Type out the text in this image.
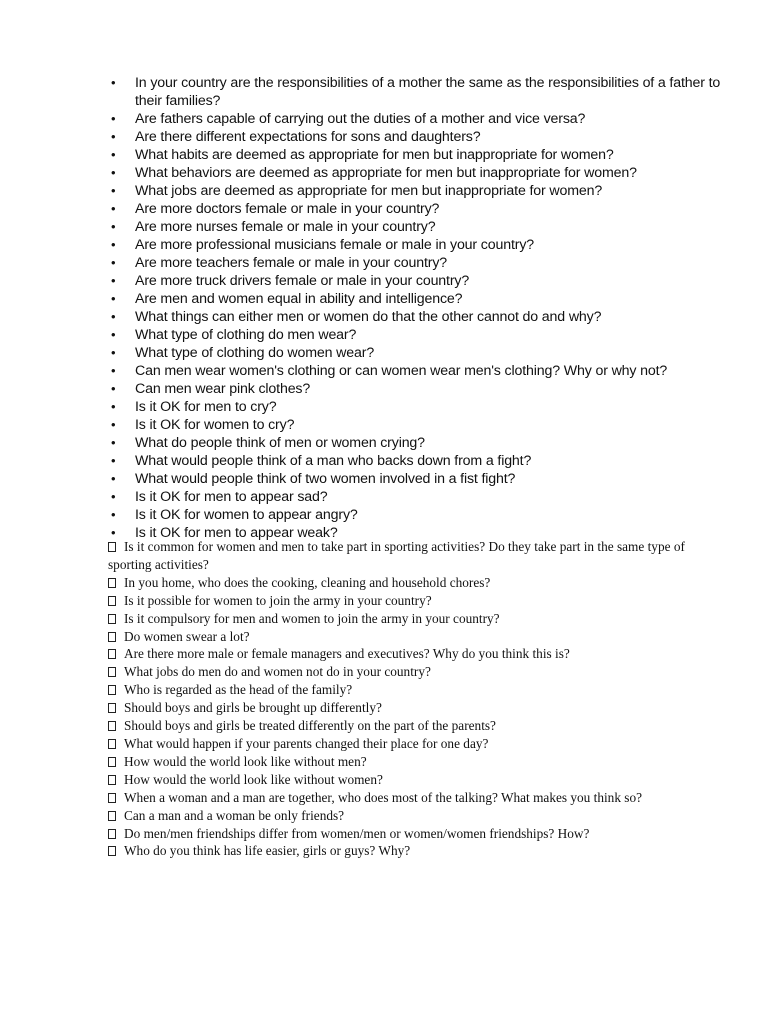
• In your country are the responsibilities of a mother the same as the responsibilities of a father to their families?
• Are fathers capable of carrying out the duties of a mother and vice versa?
• Are there different expectations for sons and daughters?
• What habits are deemed as appropriate for men but inappropriate for women?
• What behaviors are deemed as appropriate for men but inappropriate for women?
• What jobs are deemed as appropriate for men but inappropriate for women?
• Are more doctors female or male in your country?
• Are more nurses female or male in your country?
• Are more professional musicians female or male in your country?
• Are more teachers female or male in your country?
• Are more truck drivers female or male in your country?
• Are men and women equal in ability and intelligence?
• What things can either men or women do that the other cannot do and why?
• What type of clothing do men wear?
• What type of clothing do women wear?
• Can men wear women's clothing or can women wear men's clothing? Why or why not?
• Can men wear pink clothes?
• Is it OK for men to cry?
• Is it OK for women to cry?
• What do people think of men or women crying?
• What would people think of a man who backs down from a fight?
• What would people think of two women involved in a fist fight?
• Is it OK for men to appear sad?
• Is it OK for women to appear angry?
• Is it OK for men to appear weak?
Is it common for women and men to take part in sporting activities? Do they take part in the same type of sporting activities?
In you home, who does the cooking, cleaning and household chores?
Is it possible for women to join the army in your country?
Is it compulsory for men and women to join the army in your country?
Do women swear a lot?
Are there more male or female managers and executives? Why do you think this is?
What jobs do men do and women not do in your country?
Who is regarded as the head of the family?
Should boys and girls be brought up differently?
Should boys and girls be treated differently on the part of the parents?
What would happen if your parents changed their place for one day?
How would the world look like without men?
How would the world look like without women?
When a woman and a man are together, who does most of the talking? What makes you think so?
Can a man and a woman be only friends?
Do men/men friendships differ from women/men or women/women friendships? How?
Who do you think has life easier, girls or guys? Why?
